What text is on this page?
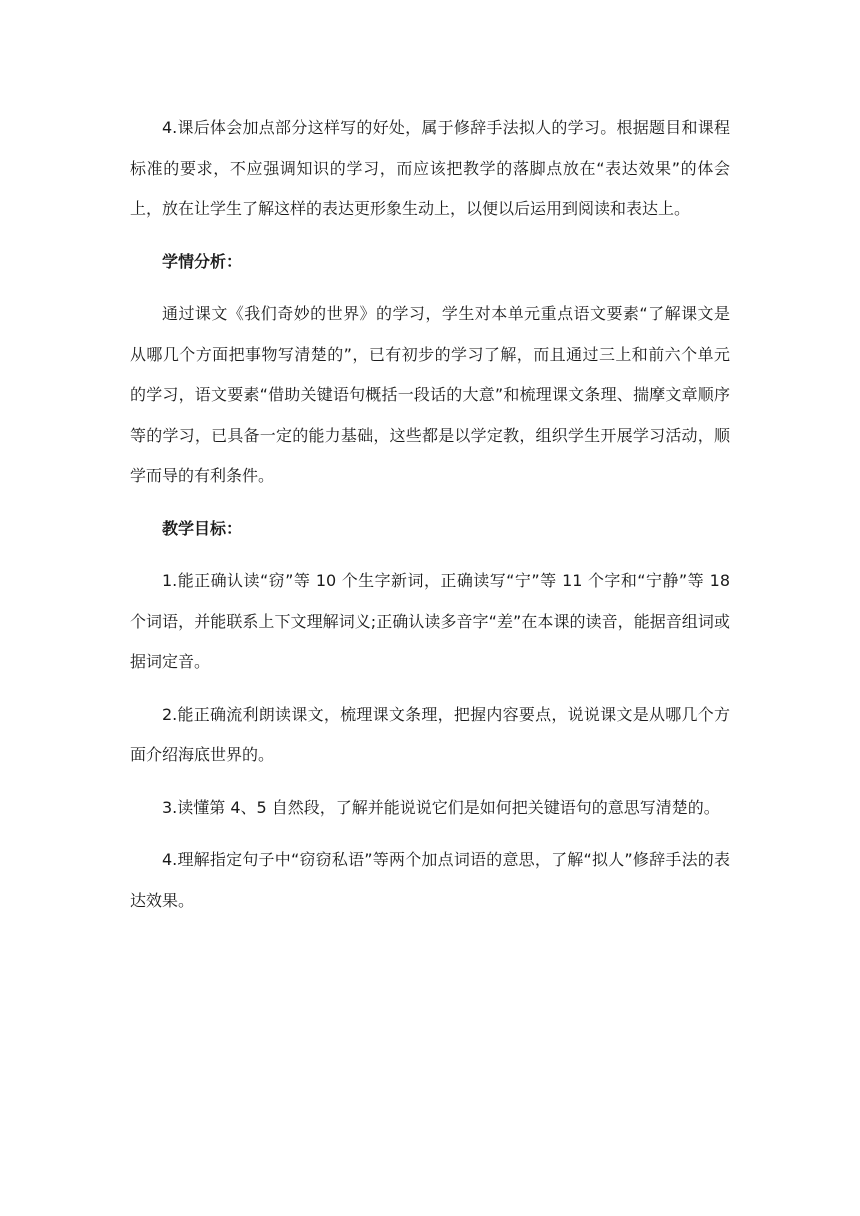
4.课后体会加点部分这样写的好处，属于修辞手法拟人的学习。根据题目和课程标准的要求，不应强调知识的学习，而应该把教学的落脚点放在“表达效果”的体会上，放在让学生了解这样的表达更形象生动上，以便以后运用到阅读和表达上。

学情分析：

通过课文《我们奇妙的世界》的学习，学生对本单元重点语文要素“了解课文是从哪几个方面把事物写清楚的”，已有初步的学习了解，而且通过三上和前六个单元的学习，语文要素“借助关键语句概括一段话的大意”和梳理课文条理、揣摩文章顺序等的学习，已具备一定的能力基础，这些都是以学定教，组织学生开展学习活动，顺学而导的有利条件。

教学目标：

1.能正确认读“窃”等 10 个生字新词，正确读写“宁”等 11 个字和“宁静”等 18 个词语，并能联系上下文理解词义;正确认读多音字“差”在本课的读音，能据音组词或据词定音。

2.能正确流利朗读课文，梳理课文条理，把握内容要点，说说课文是从哪几个方面介绍海底世界的。

3.读懂第 4、5 自然段，了解并能说说它们是如何把关键语句的意思写清楚的。

4.理解指定句子中“窃窃私语”等两个加点词语的意思，了解“拟人”修辞手法的表达效果。
